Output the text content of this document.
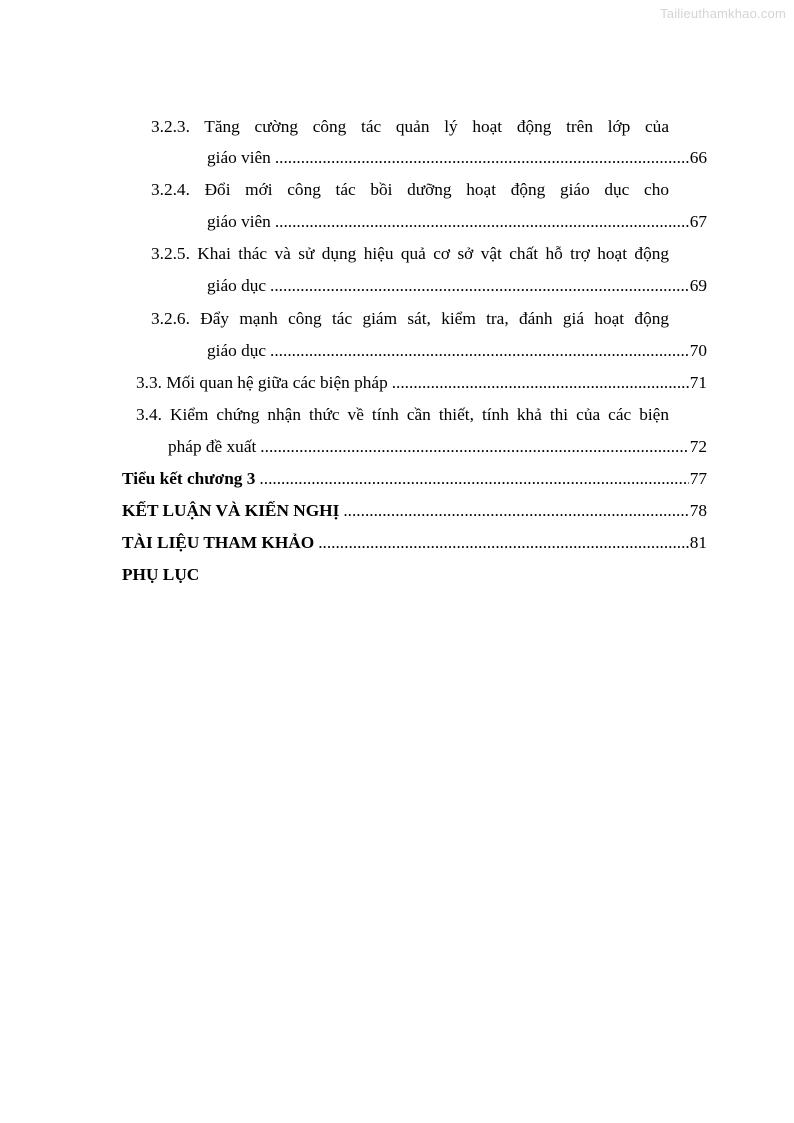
Tailieuthamkhao.com
3.2.3. Tăng cường công tác quản lý hoạt động trên lớp của
giáo viên .....	66
3.2.4. Đổi mới công tác bồi dưỡng hoạt động giáo dục cho
giáo viên .....	67
3.2.5. Khai thác và sử dụng hiệu quả cơ sở vật chất hỗ trợ hoạt động
giáo dục .....	69
3.2.6. Đẩy mạnh công tác giám sát, kiểm tra, đánh giá hoạt động
giáo dục .....	70
3.3. Mối quan hệ giữa các biện pháp .....	71
3.4. Kiểm chứng nhận thức về tính cần thiết, tính khả thi của các biện
pháp đề xuất .....	72
Tiểu kết chương 3 .....	77
KẾT LUẬN VÀ KIẾN NGHỊ .....	78
TÀI LIỆU THAM KHẢO .....	81
PHỤ LỤC
